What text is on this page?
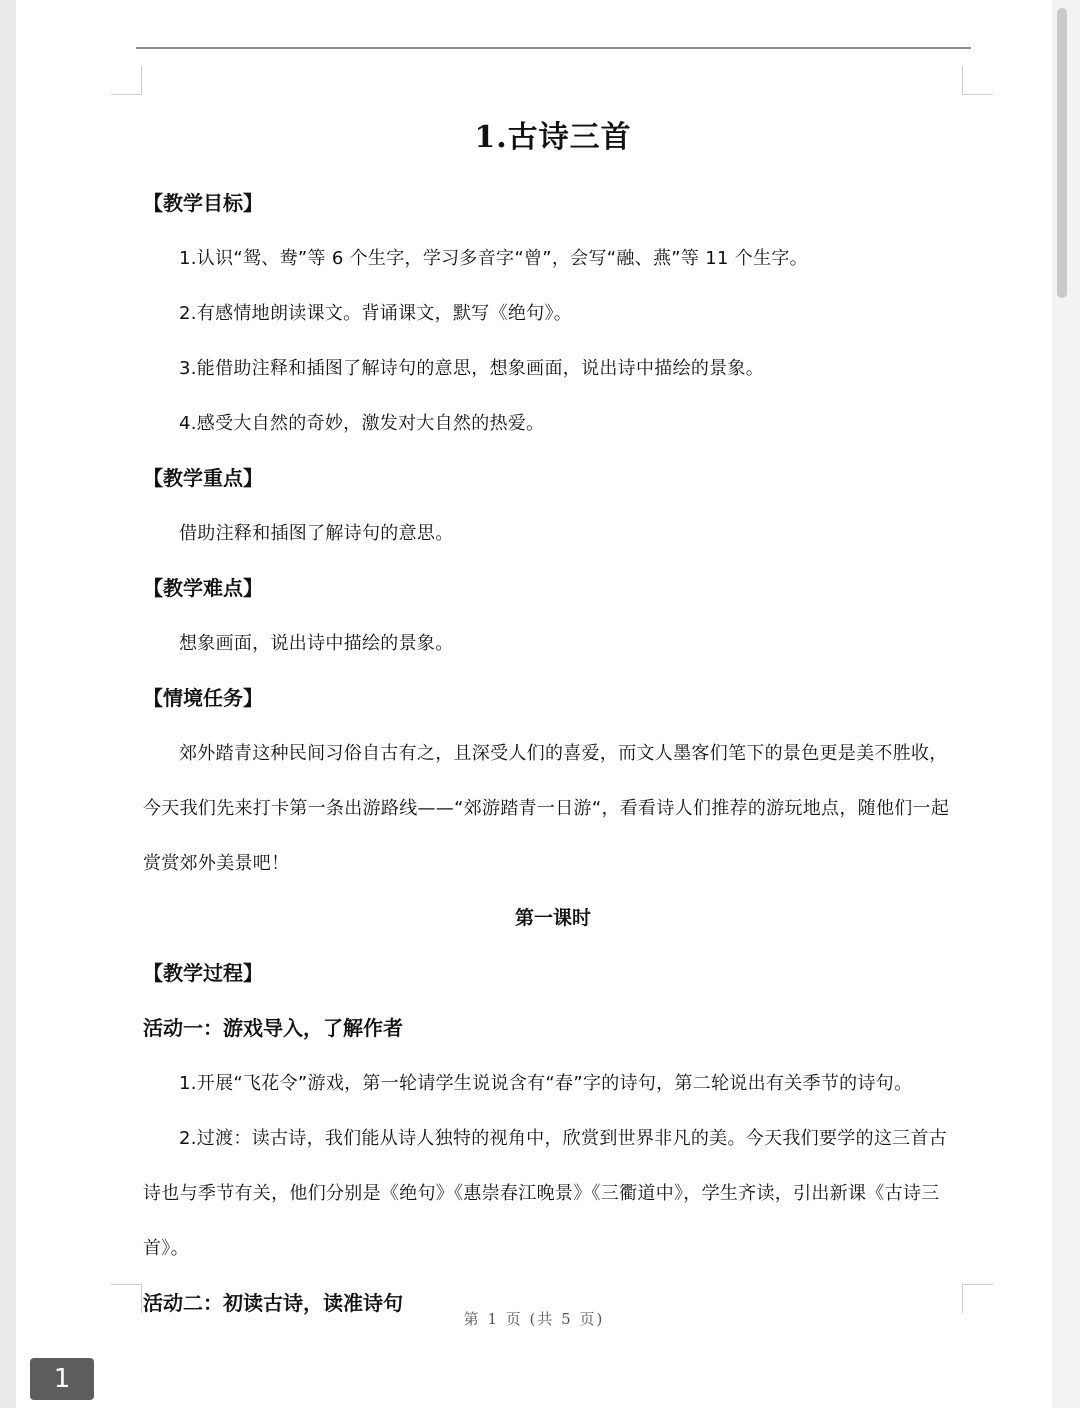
1.古诗三首

【教学目标】

1.认识“鸳、鸯”等 6 个生字，学习多音字“曾”，会写“融、燕”等 11 个生字。

2.有感情地朗读课文。背诵课文，默写《绝句》。

3.能借助注释和插图了解诗句的意思，想象画面，说出诗中描绘的景象。

4.感受大自然的奇妙，激发对大自然的热爱。

【教学重点】

借助注释和插图了解诗句的意思。

【教学难点】

想象画面，说出诗中描绘的景象。

【情境任务】

郊外踏青这种民间习俗自古有之，且深受人们的喜爱，而文人墨客们笔下的景色更是美不胜收，今天我们先来打卡第一条出游路线——“郊游踏青一日游“，看看诗人们推荐的游玩地点，随他们一起赏赏郊外美景吧！

第一课时

【教学过程】

活动一：游戏导入，了解作者

1.开展“飞花令”游戏，第一轮请学生说说含有“春”字的诗句，第二轮说出有关季节的诗句。

2.过渡：读古诗，我们能从诗人独特的视角中，欣赏到世界非凡的美。今天我们要学的这三首古诗也与季节有关，他们分别是《绝句》《惠崇春江晚景》《三衢道中》，学生齐读，引出新课《古诗三首》。

活动二：初读古诗，读准诗句

第 1 页 (共 5 页)
1
